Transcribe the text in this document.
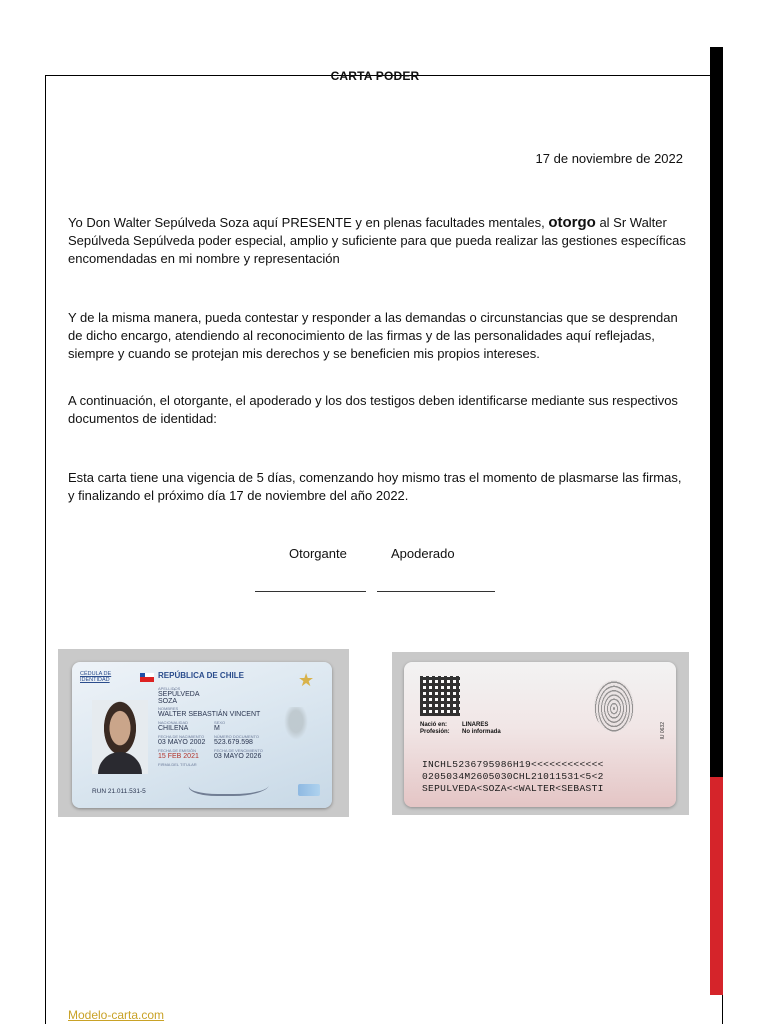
CARTA PODER
17 de noviembre de 2022
Yo Don Walter Sepúlveda Soza aquí PRESENTE y en plenas facultades mentales, otorgo al Sr Walter Sepúlveda Sepúlveda poder especial, amplio y suficiente para que pueda realizar las gestiones específicas encomendadas en mi nombre y representación
Y de la misma manera, pueda contestar y responder a las demandas o circunstancias que se desprendan de dicho encargo, atendiendo al reconocimiento de las firmas y de las personalidades aquí reflejadas, siempre y cuando se protejan mis derechos y se beneficien mis propios intereses.
A continuación, el otorgante, el apoderado y los dos testigos deben identificarse mediante sus respectivos documentos de identidad:
Esta carta tiene una vigencia de 5 días, comenzando hoy mismo tras el momento de plasmarse las firmas, y finalizando el próximo día 17 de noviembre del año 2022.
Otorgante	Apoderado
CÉDULA DE IDENTIDAD	REPÚBLICA DE CHILE	★
APELLIDOS
SEPÚLVEDA
SOZA
NOMBRES
WALTER SEBASTIÁN VINCENT
NACIONALIDAD
CHILENA
SEXO
M
FECHA DE NACIMIENTO
03 MAYO 2002
NÚMERO DOCUMENTO
523.679.598
FECHA DE EMISIÓN
15 FEB 2021
FECHA DE VENCIMIENTO
03 MAYO 2026
FIRMA DEL TITULAR
RUN 21.011.531-5
IU 0632
Nació en: LINARES
Profesión: No informada
INCHL5236795986H19<<<<<<<<<<<<
0205034M2605030CHL21011531<5<2
SEPULVEDA<SOZA<<WALTER<SEBASTI
Modelo-carta.com
